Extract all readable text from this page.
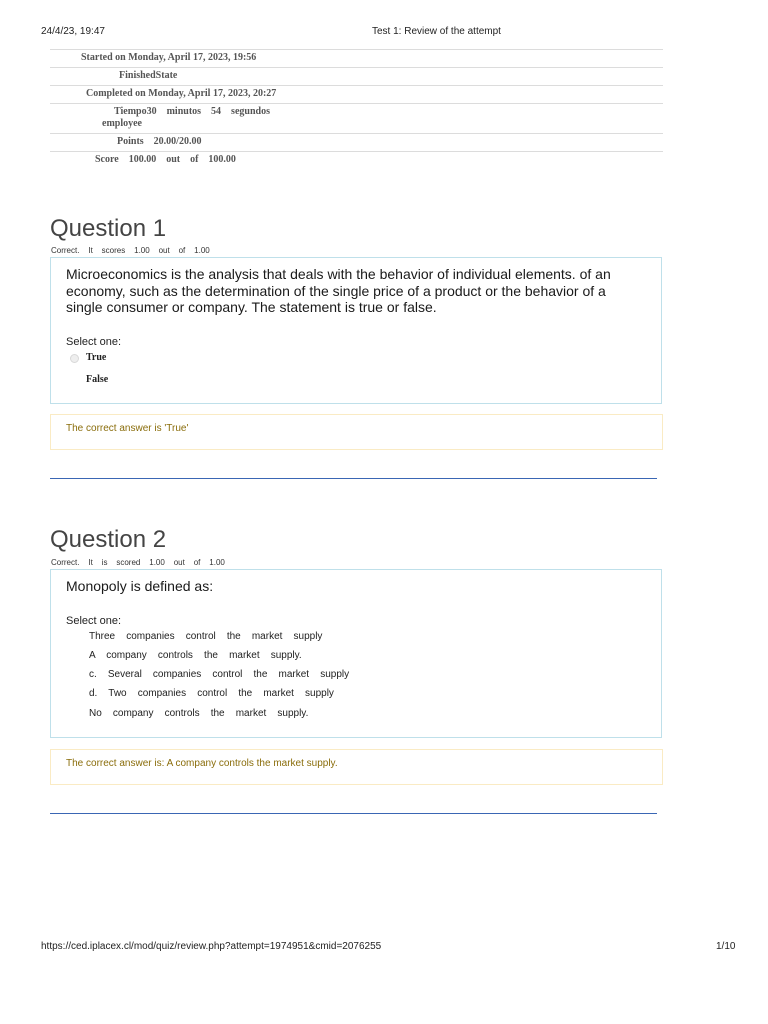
24/4/23, 19:47	Test 1: Review of the attempt
Started on Monday, April 17, 2023, 19:56
FinishedState
Completed on Monday, April 17, 2023, 20:27
Tiempo30    minutos    54    segundos
employee
Points    20.00/20.00
Score    100.00    out    of    100.00
Question 1
Correct.    It    scores    1.00    out    of    1.00

Microeconomics is the analysis that deals with the behavior of individual elements. of an economy, such as the determination of the single price of a product or the behavior of a single consumer or company. The statement is true or false.

Select one:
True
False
The correct answer is 'True'
Question 2
Correct.    It    is    scored    1.00    out    of    1.00

Monopoly is defined as:

Select one:
Three    companies    control    the    market    supply
A    company    controls    the    market    supply.
c.    Several    companies    control    the    market    supply
d.    Two    companies    control    the    market    supply
No    company    controls    the    market    supply.
The correct answer is: A company controls the market supply.
https://ced.iplacex.cl/mod/quiz/review.php?attempt=1974951&cmid=2076255	1/10
